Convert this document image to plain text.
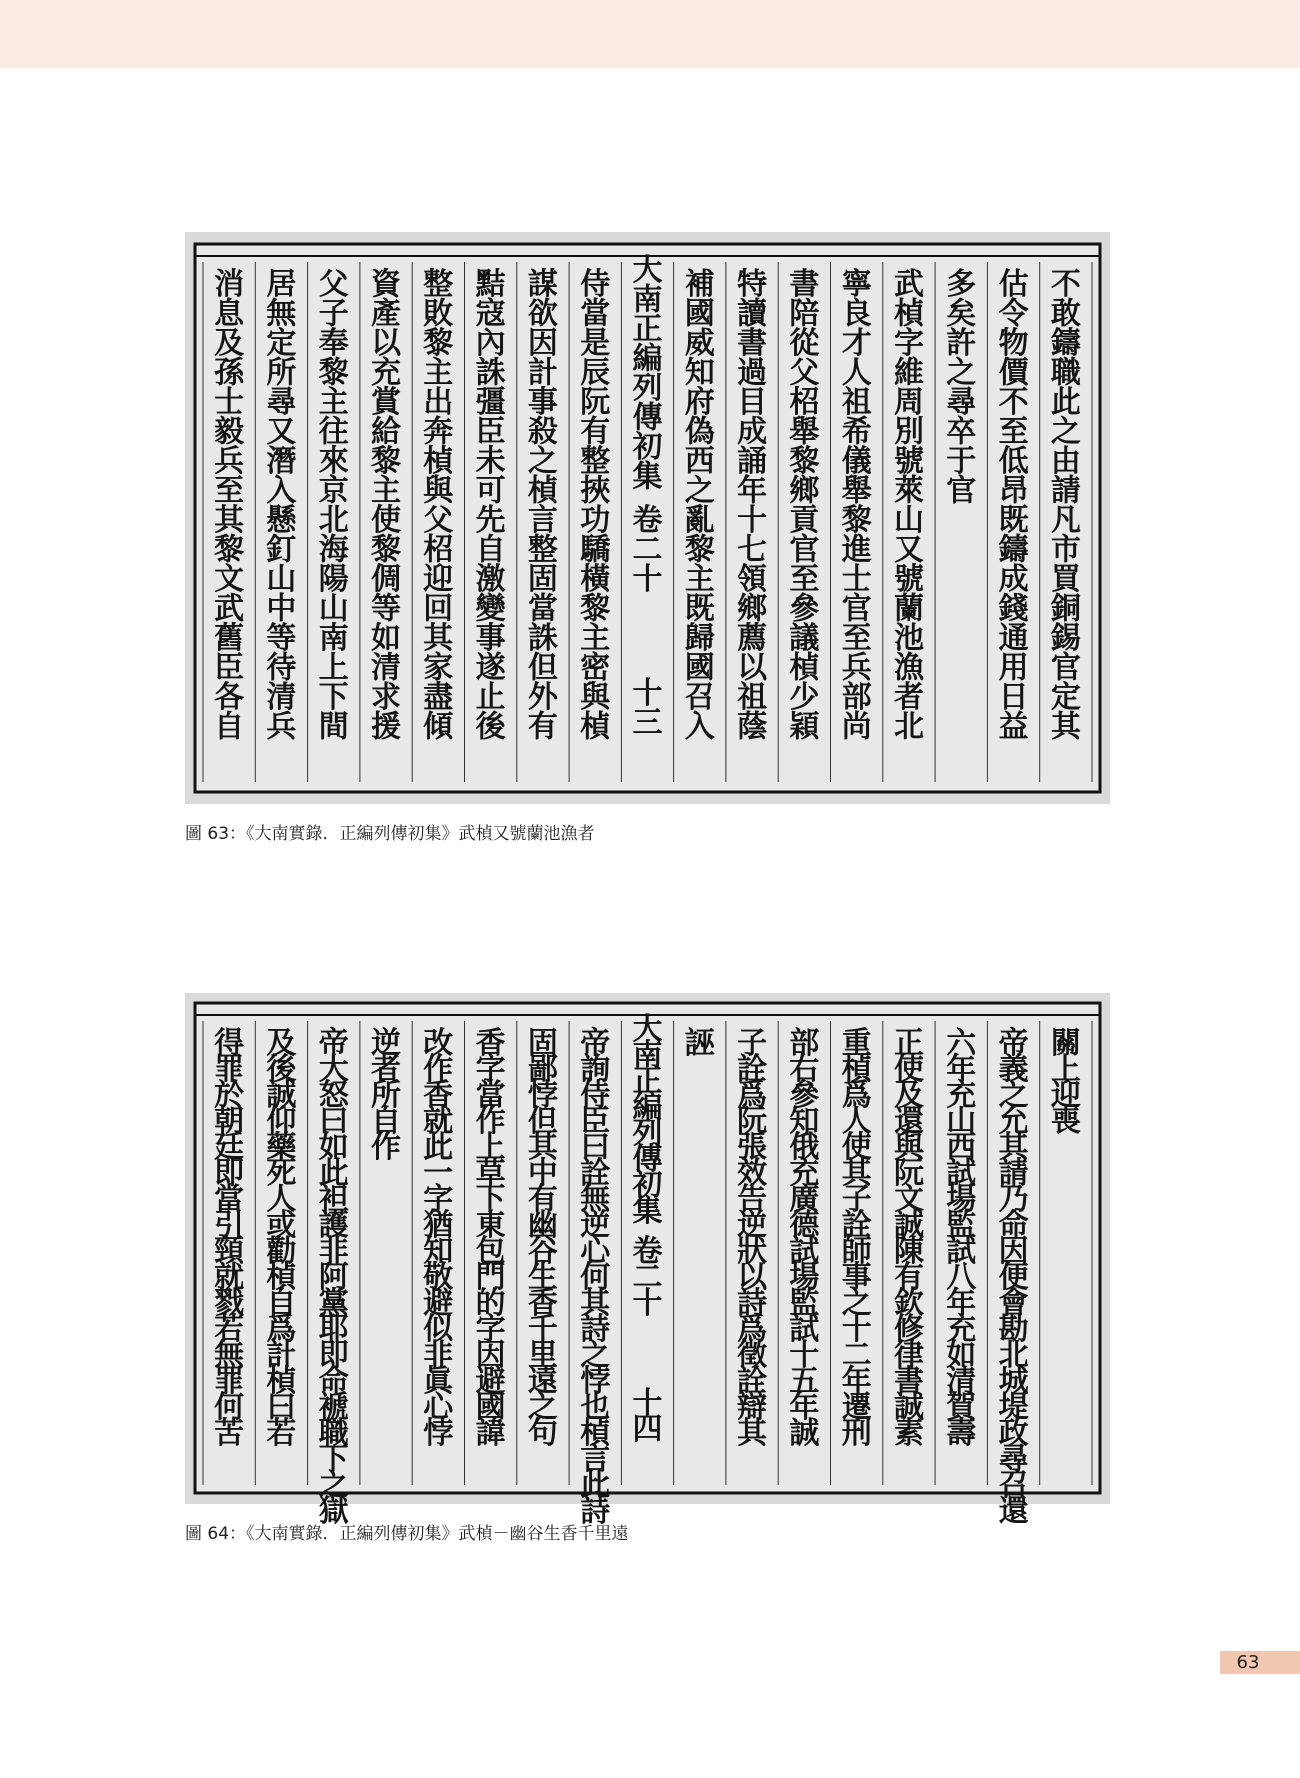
不敢鑄職此之由請凡市買銅錫官定其
估令物價不至低昂既鑄成錢通用日益
多矣許之尋卒于官
武楨字維周別號萊山又號蘭池漁者北
寧良才人祖希儀舉黎進士官至兵部尚
書陪從父柖舉黎鄉貢官至參議楨少穎
特讀書過目成誦年十七領鄉薦以祖蔭
補國威知府偽西之亂黎主既歸國召入
侍當是辰阮有整挾功驕橫黎主密與楨
謀欲因計事殺之楨言整固當誅但外有
黠寇內誅彊臣未可先自激變事遂止後
整敗黎主出奔楨與父柖迎回其家盡傾
資產以充賞給黎主使黎倜等如清求援
父子奉黎主往來京北海陽山南上下間
居無定所尋又潛入懸釘山中等待清兵
消息及孫士毅兵至其黎文武舊臣各自
大南正編列傳初集
卷二十
十三
圖 63：《大南實錄．正編列傳初集》武楨又號蘭池漁者
關上迎喪
帝義之允其請乃命因便會勘北城堤政尋召還
六年充山西試場監試八年充如清賀壽
正使及還與阮文誠陳有欽修律書誠素
重楨爲人使其子詮師事之十二年遷刑
部右參知俄充廣德試場監試十五年誠
子詮爲阮張效告逆狀以詩爲徵詮辯其
誣
帝詢侍臣曰詮無逆心何其詩之悖也楨言此詩
固鄙悖但其中有幽谷生香千里遠之句
香字當作上草下東包門的字因避國諱
改作香就此一字猶知敬避似非眞心悖
逆者所自作
帝大怒曰如此袒護非阿黨耶即命褫職下之獄
及後誠仰藥死人或勸楨自爲計楨曰若
得罪於朝廷即當引頸就戮若無罪何苦
大南正編列傳初集
卷二十
十四
圖 64：《大南實錄．正編列傳初集》武楨－幽谷生香千里遠
63
